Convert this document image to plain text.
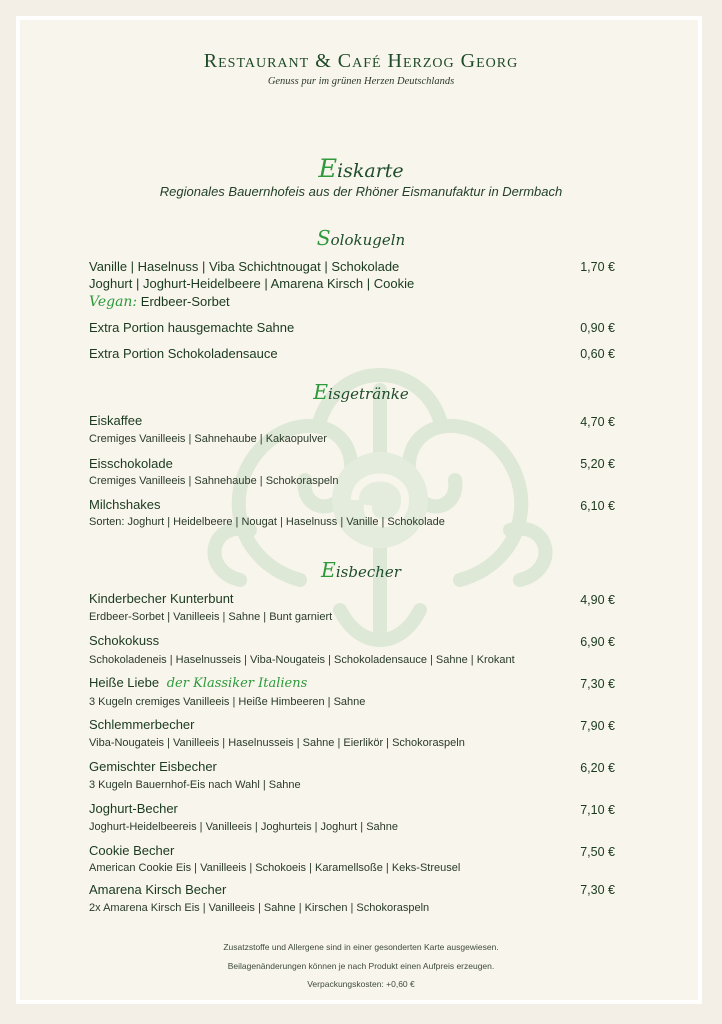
Restaurant & Café Herzog Georg
Genuss pur im grünen Herzen Deutschlands
Eiskarte
Regionales Bauernhofeis aus der Rhöner Eismanufaktur in Dermbach
Solokugeln
Vanille | Haselnuss | Viba Schichtnougat | Schokolade	1,70 €
Joghurt | Joghurt-Heidelbeere | Amarena Kirsch | Cookie
Vegan: Erdbeer-Sorbet
Extra Portion hausgemachte Sahne	0,90 €
Extra Portion Schokoladensauce	0,60 €
Eisgetränke
Eiskaffee	4,70 €
Cremiges Vanilleeis | Sahnehaube | Kakaopulver
Eisschokolade	5,20 €
Cremiges Vanilleeis | Sahnehaube | Schokoraspeln
Milchshakes	6,10 €
Sorten: Joghurt | Heidelbeere | Nougat | Haselnuss | Vanille | Schokolade
Eisbecher
Kinderbecher Kunterbunt	4,90 €
Erdbeer-Sorbet | Vanilleeis | Sahne | Bunt garniert
Schokokuss	6,90 €
Schokoladeneis | Haselnusseis | Viba-Nougateis | Schokoladensauce | Sahne | Krokant
Heiße Liebe der Klassiker Italiens	7,30 €
3 Kugeln cremiges Vanilleeis | Heiße Himbeeren | Sahne
Schlemmerbecher	7,90 €
Viba-Nougateis | Vanilleeis | Haselnusseis | Sahne | Eierlikör | Schokoraspeln
Gemischter Eisbecher	6,20 €
3 Kugeln Bauernhof-Eis nach Wahl | Sahne
Joghurt-Becher	7,10 €
Joghurt-Heidelbeereis | Vanilleeis | Joghurteis | Joghurt | Sahne
Cookie Becher	7,50 €
American Cookie Eis | Vanilleeis | Schokoeis | Karamellsoße | Keks-Streusel
Amarena Kirsch Becher	7,30 €
2x Amarena Kirsch Eis | Vanilleeis | Sahne | Kirschen | Schokoraspeln
Zusatzstoffe und Allergene sind in einer gesonderten Karte ausgewiesen.
Beilagenänderungen können je nach Produkt einen Aufpreis erzeugen.
Verpackungskosten: +0,60 €
